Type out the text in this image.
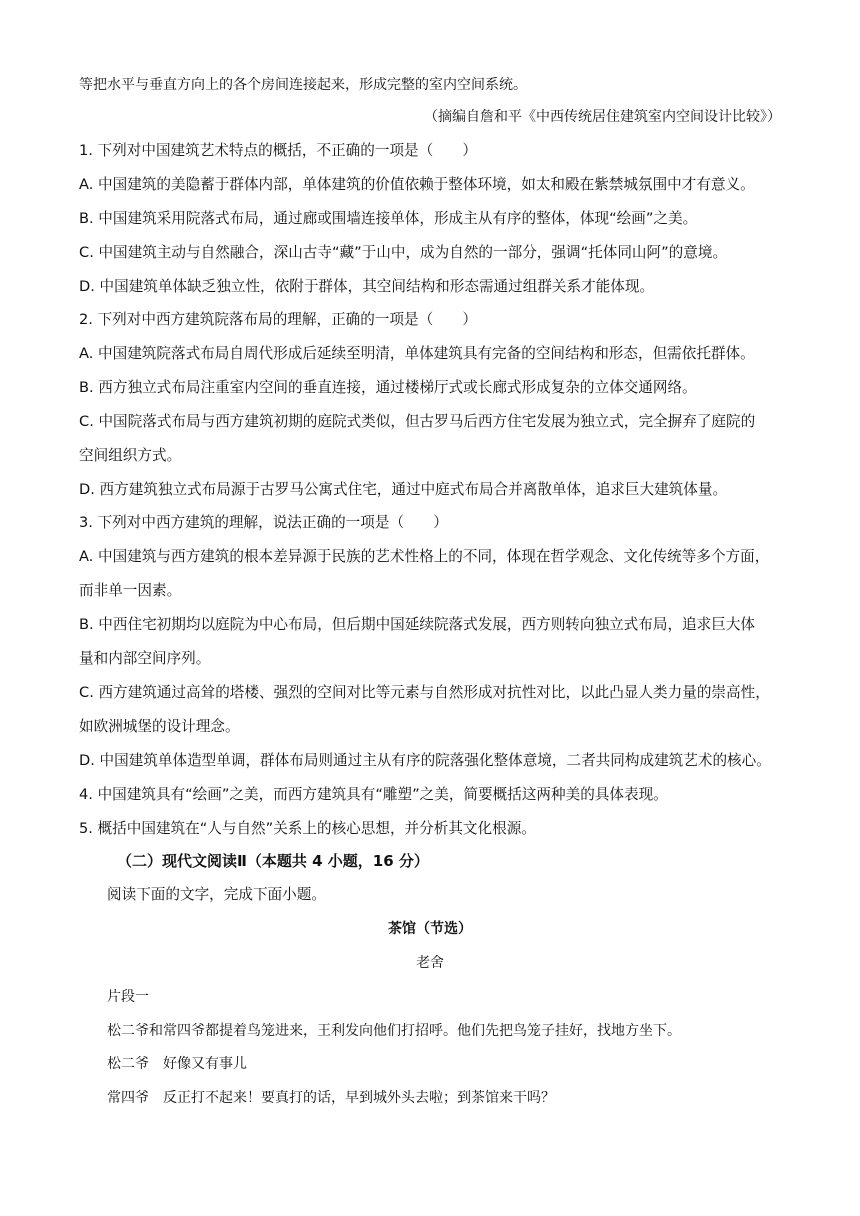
等把水平与垂直方向上的各个房间连接起来，形成完整的室内空间系统。
（摘编自詹和平《中西传统居住建筑室内空间设计比较》）
1. 下列对中国建筑艺术特点的概括，不正确的一项是（　　）
A. 中国建筑的美隐蓄于群体内部，单体建筑的价值依赖于整体环境，如太和殿在紫禁城氛围中才有意义。
B. 中国建筑采用院落式布局，通过廊或围墙连接单体，形成主从有序的整体，体现“绘画”之美。
C. 中国建筑主动与自然融合，深山古寺“藏”于山中，成为自然的一部分，强调“托体同山阿”的意境。
D. 中国建筑单体缺乏独立性，依附于群体，其空间结构和形态需通过组群关系才能体现。
2. 下列对中西方建筑院落布局的理解，正确的一项是（　　）
A. 中国建筑院落式布局自周代形成后延续至明清，单体建筑具有完备的空间结构和形态，但需依托群体。
B. 西方独立式布局注重室内空间的垂直连接，通过楼梯厅式或长廊式形成复杂的立体交通网络。
C. 中国院落式布局与西方建筑初期的庭院式类似，但古罗马后西方住宅发展为独立式，完全摒弃了庭院的
空间组织方式。
D. 西方建筑独立式布局源于古罗马公寓式住宅，通过中庭式布局合并离散单体，追求巨大建筑体量。
3. 下列对中西方建筑的理解，说法正确的一项是（　　）
A. 中国建筑与西方建筑的根本差异源于民族的艺术性格上的不同，体现在哲学观念、文化传统等多个方面，
而非单一因素。
B. 中西住宅初期均以庭院为中心布局，但后期中国延续院落式发展，西方则转向独立式布局，追求巨大体
量和内部空间序列。
C. 西方建筑通过高耸的塔楼、强烈的空间对比等元素与自然形成对抗性对比，以此凸显人类力量的崇高性，
如欧洲城堡的设计理念。
D. 中国建筑单体造型单调，群体布局则通过主从有序的院落强化整体意境，二者共同构成建筑艺术的核心。
4. 中国建筑具有“绘画”之美，而西方建筑具有“雕塑”之美，简要概括这两种美的具体表现。
5. 概括中国建筑在“人与自然”关系上的核心思想，并分析其文化根源。
（二）现代文阅读Ⅱ（本题共 4 小题，16 分）
阅读下面的文字，完成下面小题。
茶馆（节选）
老舍
片段一
松二爷和常四爷都提着鸟笼进来，王利发向他们打招呼。他们先把鸟笼子挂好，找地方坐下。
松二爷　好像又有事儿
常四爷　反正打不起来！要真打的话，早到城外头去啦；到茶馆来干吗？
